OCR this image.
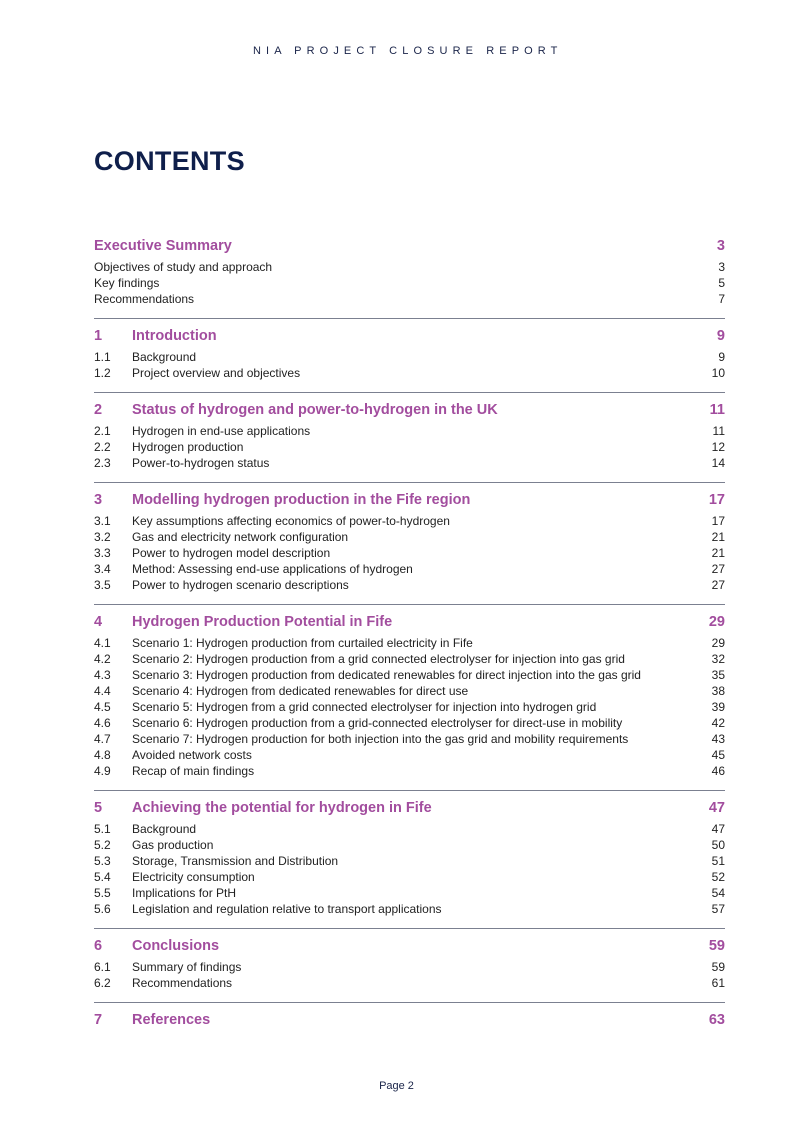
NIA PROJECT CLOSURE REPORT
CONTENTS
Executive Summary	3
Objectives of study and approach	3
Key findings	5
Recommendations	7
1	Introduction	9
1.1	Background	9
1.2	Project overview and objectives	10
2	Status of hydrogen and power-to-hydrogen in the UK	11
2.1	Hydrogen in end-use applications	11
2.2	Hydrogen production	12
2.3	Power-to-hydrogen status	14
3	Modelling hydrogen production in the Fife region	17
3.1	Key assumptions affecting economics of power-to-hydrogen	17
3.2	Gas and electricity network configuration	21
3.3	Power to hydrogen model description	21
3.4	Method: Assessing end-use applications of hydrogen	27
3.5	Power to hydrogen scenario descriptions	27
4	Hydrogen Production Potential in Fife	29
4.1	Scenario 1: Hydrogen production from curtailed electricity in Fife	29
4.2	Scenario 2: Hydrogen production from a grid connected electrolyser for injection into gas grid	32
4.3	Scenario 3: Hydrogen production from dedicated renewables for direct injection into the gas grid	35
4.4	Scenario 4: Hydrogen from dedicated renewables for direct use	38
4.5	Scenario 5: Hydrogen from a grid connected electrolyser for injection into hydrogen grid	39
4.6	Scenario 6: Hydrogen production from a grid-connected electrolyser for direct-use in mobility	42
4.7	Scenario 7: Hydrogen production for both injection into the gas grid and mobility requirements	43
4.8	Avoided network costs	45
4.9	Recap of main findings	46
5	Achieving the potential for hydrogen in Fife	47
5.1	Background	47
5.2	Gas production	50
5.3	Storage, Transmission and Distribution	51
5.4	Electricity consumption	52
5.5	Implications for PtH	54
5.6	Legislation and regulation relative to transport applications	57
6	Conclusions	59
6.1	Summary of findings	59
6.2	Recommendations	61
7	References	63
Page 2
